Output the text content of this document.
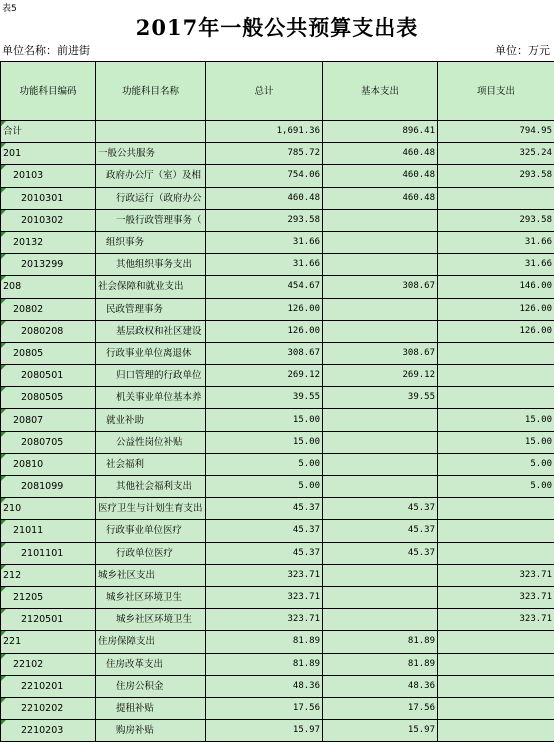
表5
2017年一般公共预算支出表
单位名称：前进街	单位：万元
功能科目编码	功能科目名称	总计	基本支出	项目支出
合计		1,691.36	896.41	794.95
201	一般公共服务	785.72	460.48	325.24
20103	政府办公厅（室）及相	754.06	460.48	293.58
2010301	行政运行（政府办公	460.48	460.48	
2010302	一般行政管理事务（	293.58		293.58
20132	组织事务	31.66		31.66
2013299	其他组织事务支出	31.66		31.66
208	社会保障和就业支出	454.67	308.67	146.00
20802	民政管理事务	126.00		126.00
2080208	基层政权和社区建设	126.00		126.00
20805	行政事业单位离退休	308.67	308.67	
2080501	归口管理的行政单位	269.12	269.12	
2080505	机关事业单位基本养	39.55	39.55	
20807	就业补助	15.00		15.00
2080705	公益性岗位补贴	15.00		15.00
20810	社会福利	5.00		5.00
2081099	其他社会福利支出	5.00		5.00
210	医疗卫生与计划生育支出	45.37	45.37	
21011	行政事业单位医疗	45.37	45.37	
2101101	行政单位医疗	45.37	45.37	
212	城乡社区支出	323.71		323.71
21205	城乡社区环境卫生	323.71		323.71
2120501	城乡社区环境卫生	323.71		323.71
221	住房保障支出	81.89	81.89	
22102	住房改革支出	81.89	81.89	
2210201	住房公积金	48.36	48.36	
2210202	提租补贴	17.56	17.56	
2210203	购房补贴	15.97	15.97	
